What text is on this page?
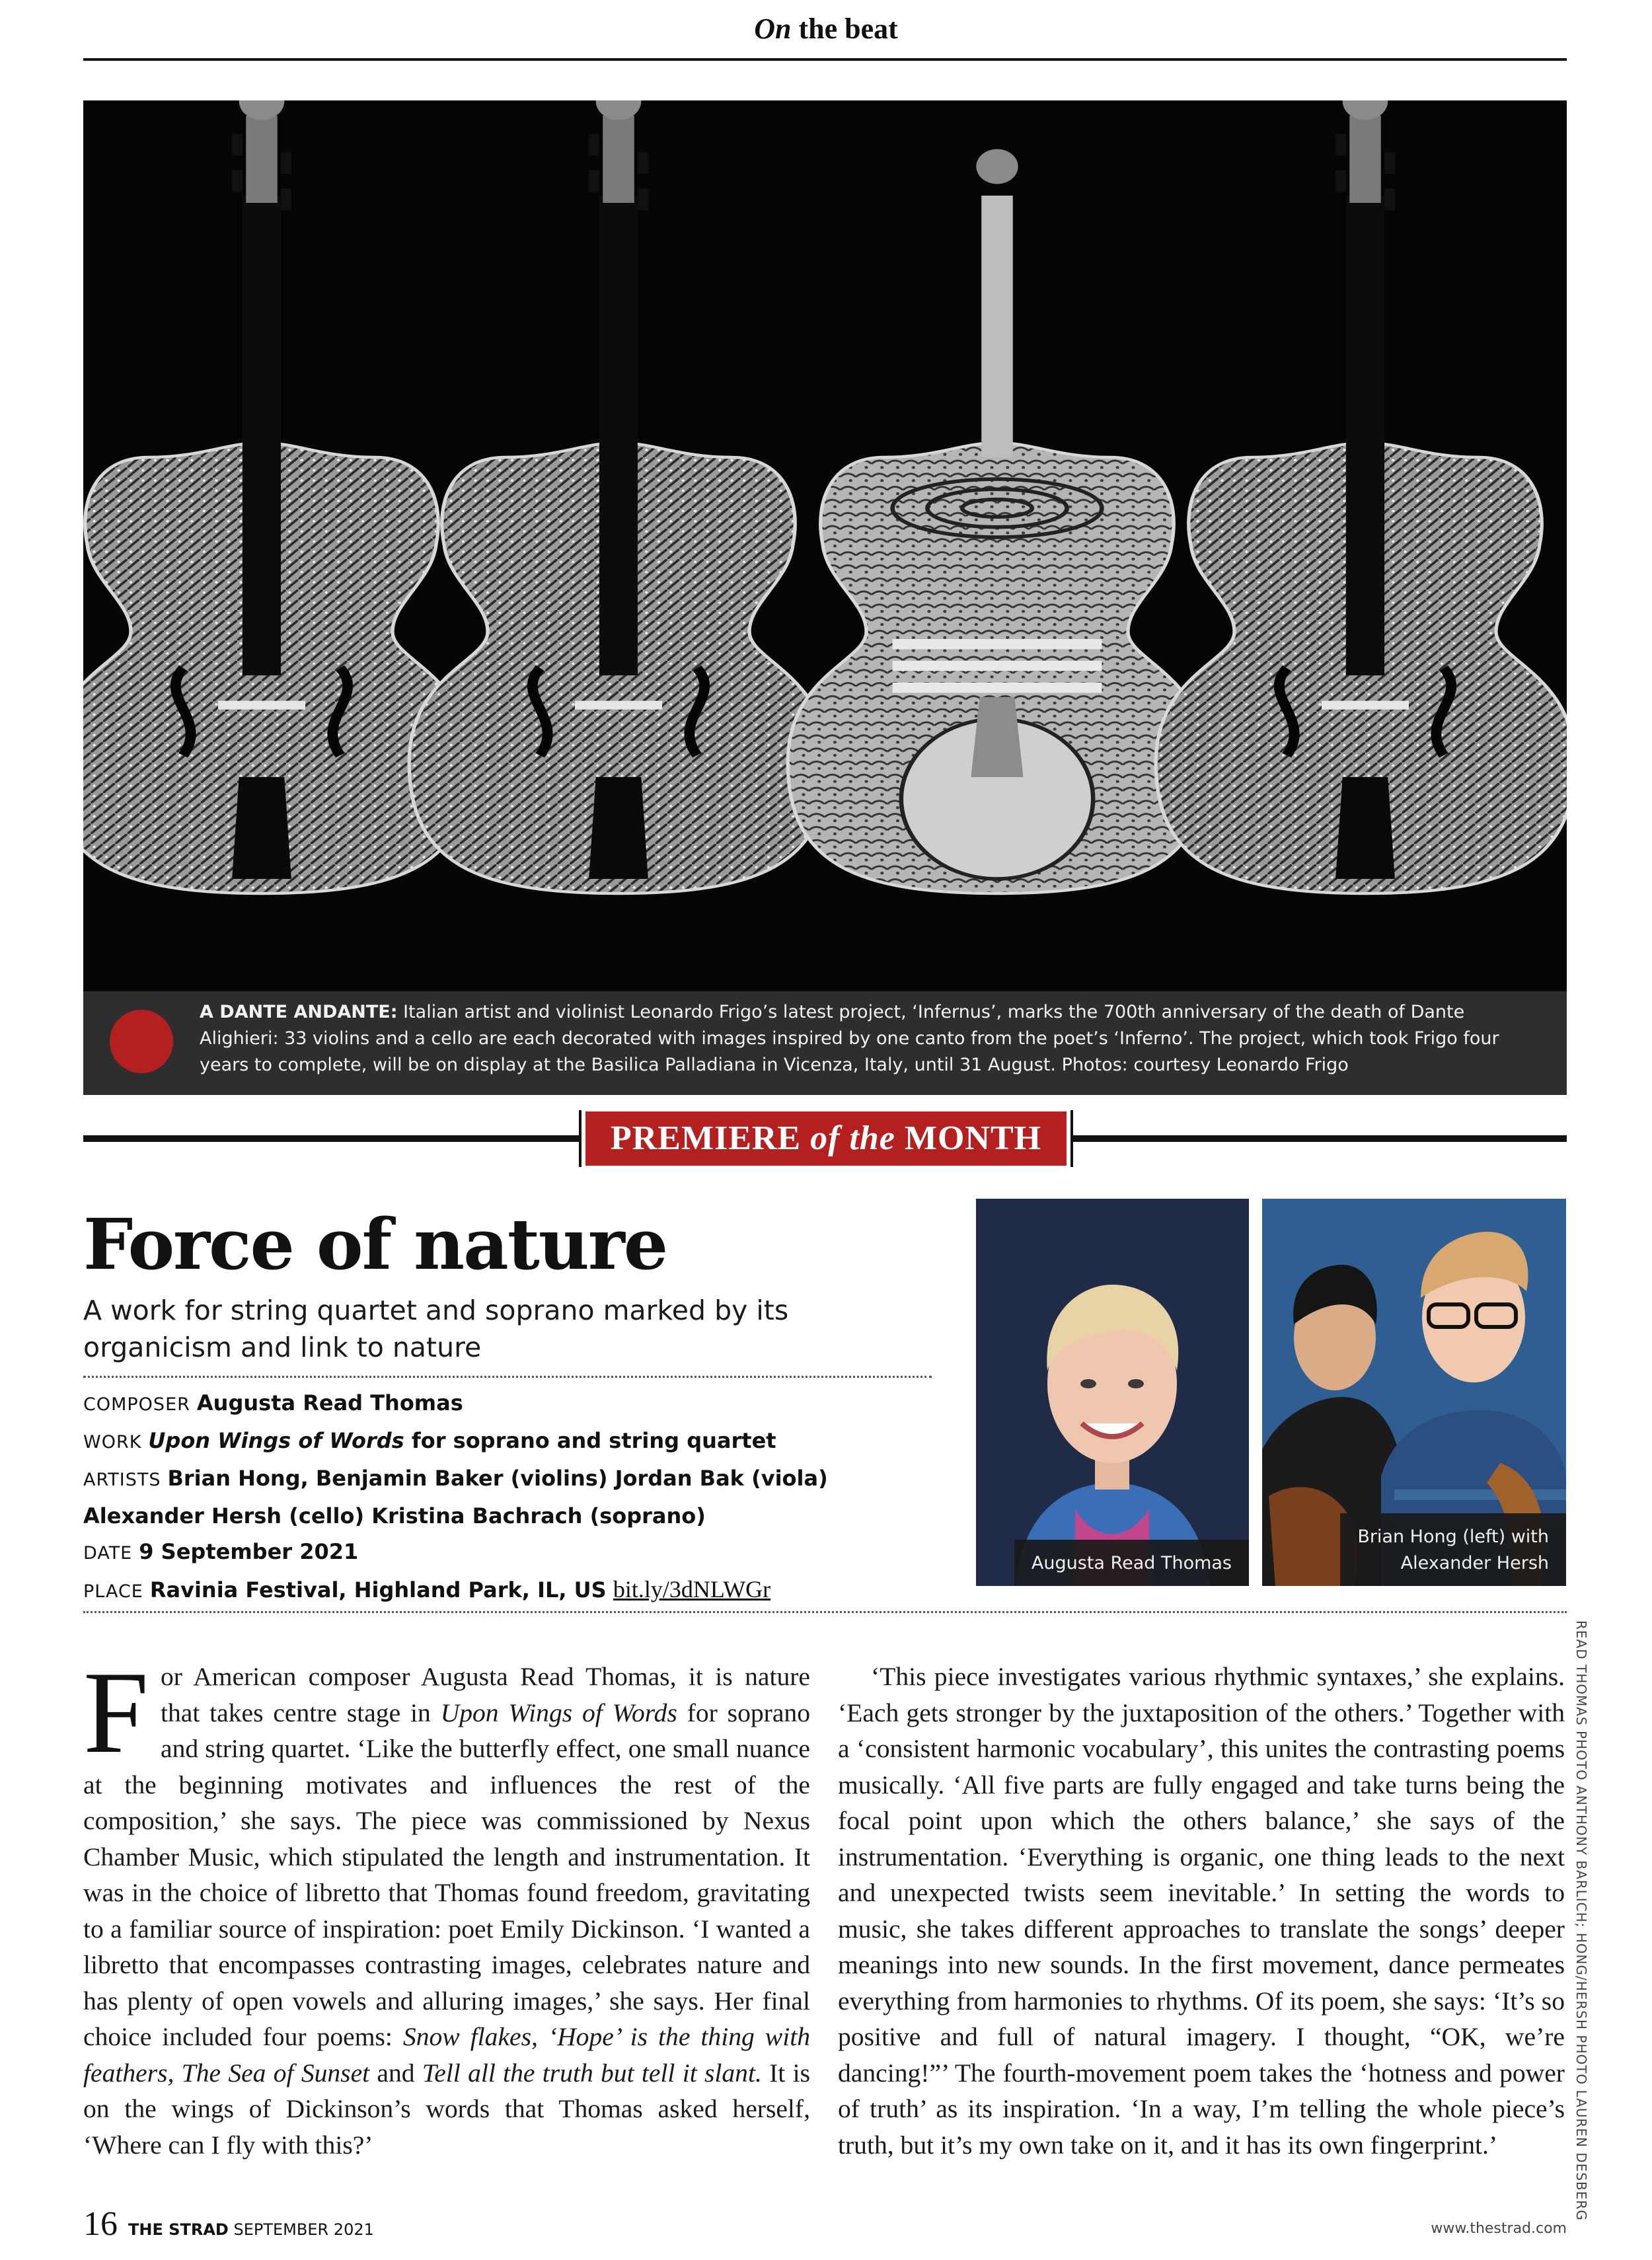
On the beat
A DANTE ANDANTE: Italian artist and violinist Leonardo Frigo’s latest project, ‘Infernus’, marks the 700th anniversary of the death of Dante Alighieri: 33 violins and a cello are each decorated with images inspired by one canto from the poet’s ‘Inferno’. The project, which took Frigo four years to complete, will be on display at the Basilica Palladiana in Vicenza, Italy, until 31 August. Photos: courtesy Leonardo Frigo
PREMIERE of the MONTH
Force of nature
A work for string quartet and soprano marked by its organicism and link to nature
COMPOSER Augusta Read Thomas
WORK Upon Wings of Words for soprano and string quartet
ARTISTS Brian Hong, Benjamin Baker (violins) Jordan Bak (viola)
Alexander Hersh (cello) Kristina Bachrach (soprano)
DATE 9 September 2021
PLACE Ravinia Festival, Highland Park, IL, US bit.ly/3dNLWGr
Augusta Read Thomas
Brian Hong (left) with
Alexander Hersh

For American composer Augusta Read Thomas, it is nature that takes centre stage in Upon Wings of Words for soprano and string quartet. ‘Like the butterfly effect, one small nuance at the beginning motivates and influences the rest of the composition,’ she says. The piece was commissioned by Nexus Chamber Music, which stipulated the length and instrumentation. It was in the choice of libretto that Thomas found freedom, gravitating to a familiar source of inspiration: poet Emily Dickinson. ‘I wanted a libretto that encompasses contrasting images, celebrates nature and has plenty of open vowels and alluring images,’ she says. Her final choice included four poems: Snow flakes, ‘Hope’ is the thing with feathers, The Sea of Sunset and Tell all the truth but tell it slant. It is on the wings of Dickinson’s words that Thomas asked herself, ‘Where can I fly with this?’

‘This piece investigates various rhythmic syntaxes,’ she explains. ‘Each gets stronger by the juxtaposition of the others.’ Together with a ‘consistent harmonic vocabulary’, this unites the contrasting poems musically. ‘All five parts are fully engaged and take turns being the focal point upon which the others balance,’ she says of the instrumentation. ‘Everything is organic, one thing leads to the next and unexpected twists seem inevitable.’ In setting the words to music, she takes different approaches to translate the songs’ deeper meanings into new sounds. In the first movement, dance permeates everything from harmonies to rhythms. Of its poem, she says: ‘It’s so positive and full of natural imagery. I thought, “OK, we’re dancing!”’ The fourth-movement poem takes the ‘hotness and power of truth’ as its inspiration. ‘In a way, I’m telling the whole piece’s truth, but it’s my own take on it, and it has its own fingerprint.’	READ THOMAS PHOTO ANTHONY BARLICH; HONG/HERSH PHOTO LAUREN DESBERG
16 THE STRAD SEPTEMBER 2021	www.thestrad.com
